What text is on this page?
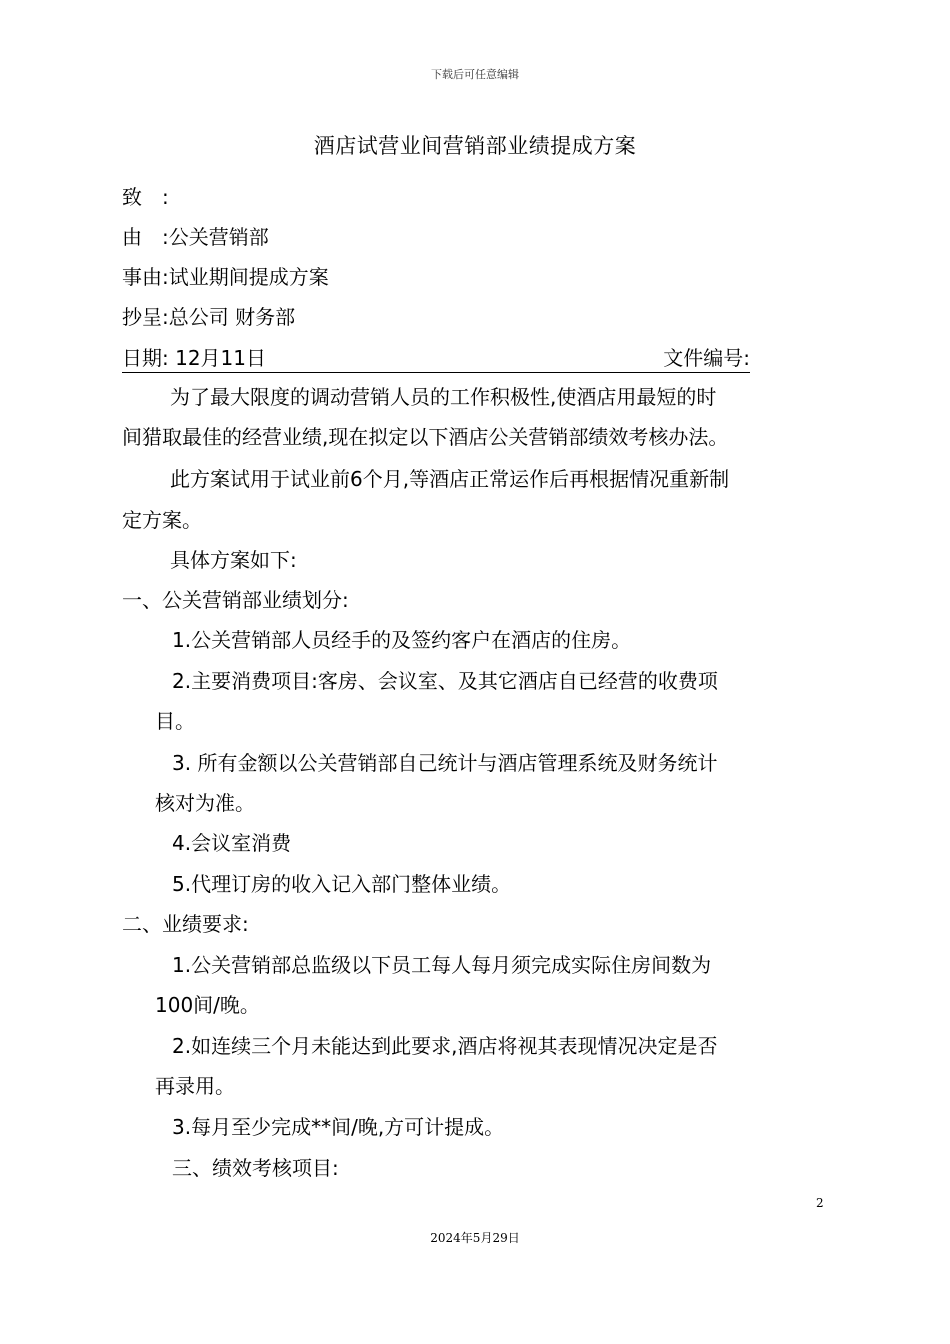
下载后可任意编辑
酒店试营业间营销部业绩提成方案
致　:
由　:公关营销部
事由:试业期间提成方案
抄呈:总公司 财务部
日期: 12月11日	文件编号:
为了最大限度的调动营销人员的工作积极性,使酒店用最短的时
间猎取最佳的经营业绩,现在拟定以下酒店公关营销部绩效考核办法。
此方案试用于试业前6个月,等酒店正常运作后再根据情况重新制
定方案。
具体方案如下:
一、公关营销部业绩划分:
1.公关营销部人员经手的及签约客户在酒店的住房。
2.主要消费项目:客房、会议室、及其它酒店自已经营的收费项
目。
3. 所有金额以公关营销部自己统计与酒店管理系统及财务统计
核对为准。
4.会议室消费
5.代理订房的收入记入部门整体业绩。
二、业绩要求:
1.公关营销部总监级以下员工每人每月须完成实际住房间数为
100间/晚。
2.如连续三个月未能达到此要求,酒店将视其表现情况决定是否
再录用。
3.每月至少完成**间/晚,方可计提成。
三、绩效考核项目:
2
2024年5月29日
